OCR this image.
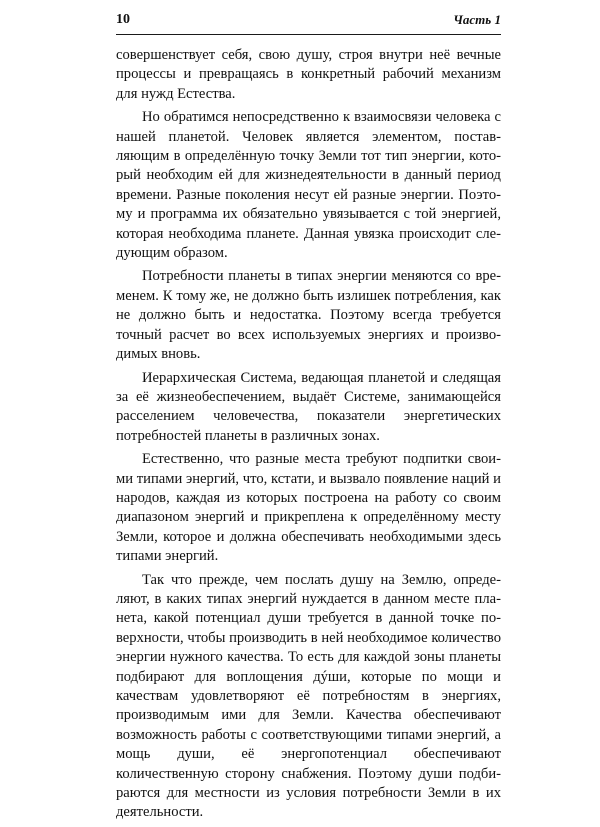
10	Часть 1

совершенствует себя, свою душу, строя внутри неё вечные процессы и превращаясь в конкретный рабочий механизм для нужд Естества.

Но обратимся непосредственно к взаимосвязи человека с нашей планетой. Человек является элементом, поставляющим в определённую точку Земли тот тип энергии, который необходим ей для жизнедеятельности в данный период времени. Разные поколения несут ей разные энергии. Поэтому и программа их обязательно увязывается с той энергией, которая необходима планете. Данная увязка происходит следующим образом.

Потребности планеты в типах энергии меняются со временем. К тому же, не должно быть излишек потребления, как не должно быть и недостатка. Поэтому всегда требуется точный расчет во всех используемых энергиях и производимых вновь.

Иерархическая Система, ведающая планетой и следящая за её жизнеобеспечением, выдаёт Системе, занимающейся расселением человечества, показатели энергетических потребностей планеты в различных зонах.

Естественно, что разные места требуют подпитки своими типами энергий, что, кстати, и вызвало появление наций и народов, каждая из которых построена на работу со своим диапазоном энергий и прикреплена к определённому месту Земли, которое и должна обеспечивать необходимыми здесь типами энергий.

Так что прежде, чем послать душу на Землю, определяют, в каких типах энергий нуждается в данном месте планета, какой потенциал души требуется в данной точке поверхности, чтобы производить в ней необходимое количество энергии нужного качества. То есть для каждой зоны планеты подбирают для воплощения дýши, которые по мощи и качествам удовлетворяют её потребностям в энергиях, производимым ими для Земли. Качества обеспечивают возможность работы с соответствующими типами энергий, а мощь души, её энергопотенциал обеспечивают количественную сторону снабжения. Поэтому души подбираются для местности из условия потребности Земли в их деятельности.
